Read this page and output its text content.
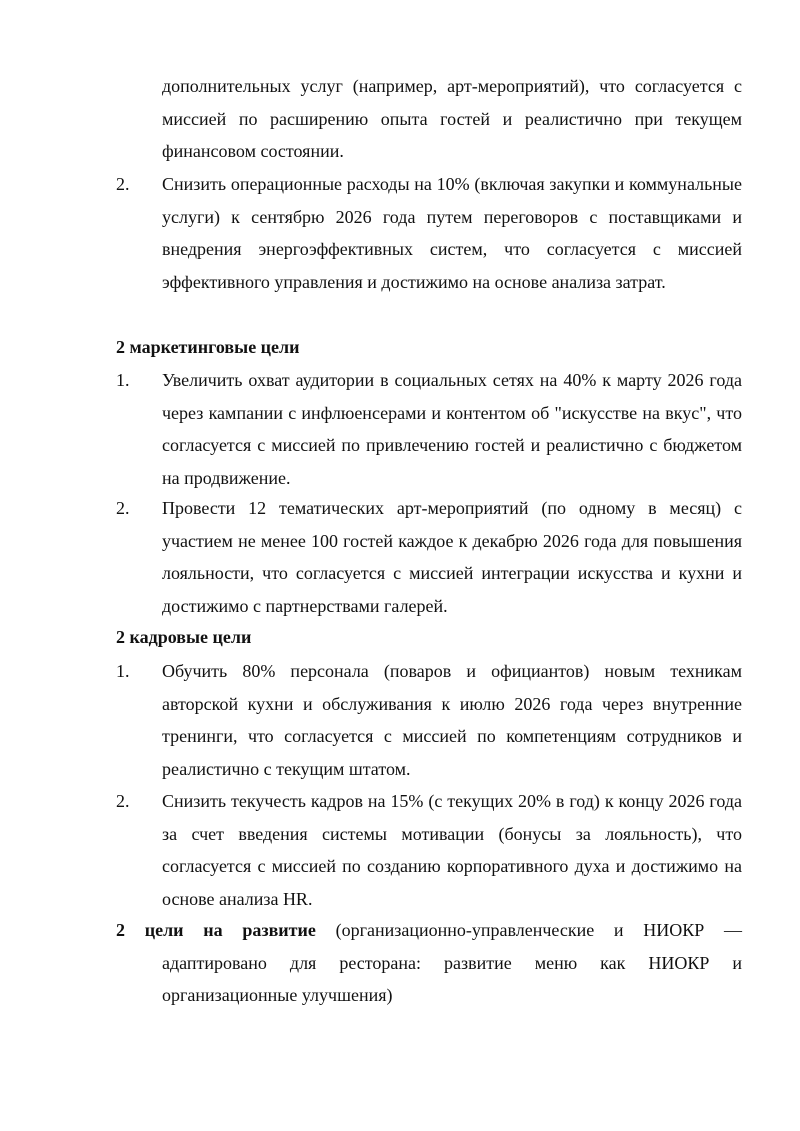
дополнительных услуг (например, арт-мероприятий), что согласуется с миссией по расширению опыта гостей и реалистично при текущем финансовом состоянии.
2. Снизить операционные расходы на 10% (включая закупки и коммунальные услуги) к сентябрю 2026 года путем переговоров с поставщиками и внедрения энергоэффективных систем, что согласуется с миссией эффективного управления и достижимо на основе анализа затрат.
2 маркетинговые цели
1. Увеличить охват аудитории в социальных сетях на 40% к марту 2026 года через кампании с инфлюенсерами и контентом об "искусстве на вкус", что согласуется с миссией по привлечению гостей и реалистично с бюджетом на продвижение.
2. Провести 12 тематических арт-мероприятий (по одному в месяц) с участием не менее 100 гостей каждое к декабрю 2026 года для повышения лояльности, что согласуется с миссией интеграции искусства и кухни и достижимо с партнерствами галерей.
2 кадровые цели
1. Обучить 80% персонала (поваров и официантов) новым техникам авторской кухни и обслуживания к июлю 2026 года через внутренние тренинги, что согласуется с миссией по компетенциям сотрудников и реалистично с текущим штатом.
2. Снизить текучесть кадров на 15% (с текущих 20% в год) к концу 2026 года за счет введения системы мотивации (бонусы за лояльность), что согласуется с миссией по созданию корпоративного духа и достижимо на основе анализа HR.
2 цели на развитие (организационно-управленческие и НИОКР —
адаптировано для ресторана: развитие меню как НИОКР и организационные улучшения)
